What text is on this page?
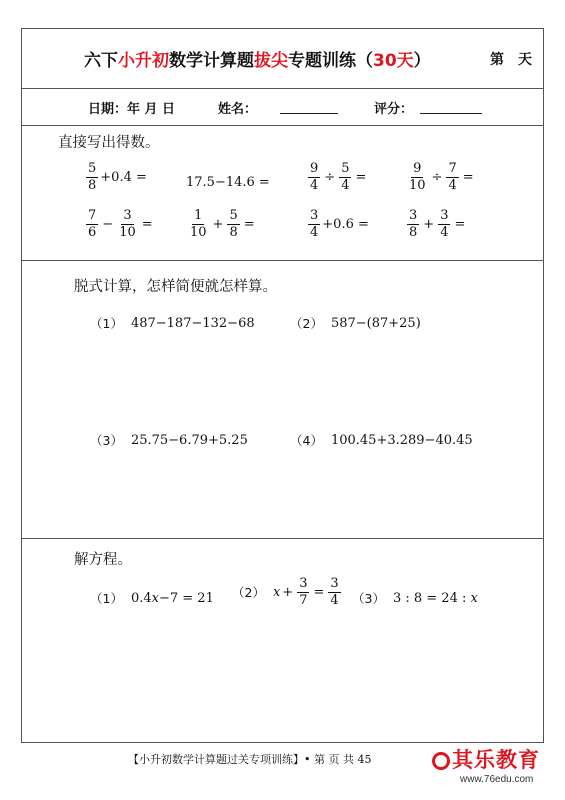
六下小升初数学计算题拔尖专题训练（30天）	第　天
日期：年 月 日	姓名：	评分：
直接写出得数。
$\frac{5}{8} +0.4$ =	17.5−14.6 =	$\frac{9}{4} \div \frac{5}{4}$ =	$\frac{9}{10} \div \frac{7}{4}$ =
$\frac{7}{6} - \frac{3}{10}$ =	$\frac{1}{10} + \frac{5}{8}$ =	$\frac{3}{4} +0.6$ =	$\frac{3}{8} + \frac{3}{4}$ =
脱式计算，怎样简便就怎样算。
（1） 487−187−132−68	（2） 587−(87+25)
（3） 25.75−6.79+5.25	（4） 100.45+3.289−40.45
解方程。
（1） 0.4 x −7 = 21 （2） $x + \frac{3}{7} = \frac{3}{4} (3)$ 3 : 8 = 24 : x
【小升初数学计算题过关专项训练】• 第 页 共 45	其乐教育
www.76edu.com
